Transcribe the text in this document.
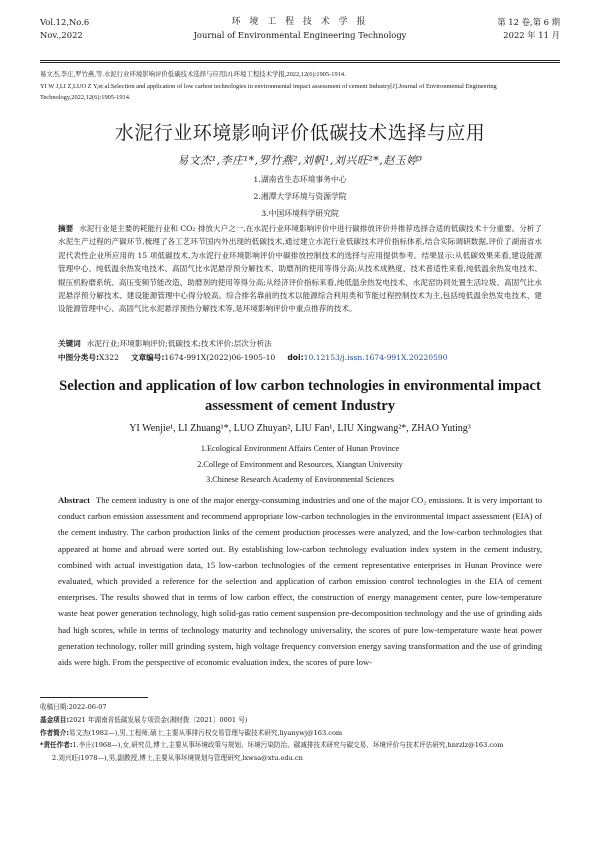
Vol.12,No.6
Nov.,2022
环 境 工 程 技 术 学 报
Journal of Environmental Engineering Technology
第 12 卷,第 6 期
2022 年 11 月
易文杰,李庄,罗竹燕,等.水泥行业环境影响评价低碳技术选择与应用[J].环境工程技术学报,2022,12(6):1905-1914.
YI W J,LI Z,LUO Z Y,et al.Selection and application of low carbon technologies in environmental impact assessment of cement Industry[J].Journal of Environmental Engineering Technology,2022,12(6):1905-1914.
水泥行业环境影响评价低碳技术选择与应用
易文杰¹,李庄¹*,罗竹燕²,刘帆¹,刘兴旺²*,赵玉婷³
1.湖南省生态环境事务中心
2.湘潭大学环境与资源学院
3.中国环境科学研究院
摘要 水泥行业是主要的耗能行业和 CO₂ 排放大户之一,在水泥行业环境影响评价中进行碳排放评价并推荐选择合适的低碳技术十分重要。分析了水泥生产过程的产碳环节,梳理了各工艺环节国内外出现的低碳技术,通过建立水泥行业低碳技术评价指标体系,结合实际调研数据,评价了湖南省水泥代表性企业所应用的 15 项低碳技术,为水泥行业环境影响评价中碳排放控制技术的选择与应用提供参考。结果显示:从低碳效果来看,建设能源管理中心、纯低温余热发电技术、高固气比水泥悬浮预分解技术、助磨剂的使用等得分高;从技术成熟度、技术普适性来看,纯低温余热发电技术、辊压机粉磨系统、高压变频节能改造、助磨剂的使用等得分高;从经济评价指标来看,纯低温余热发电技术、水泥窑协同处置生活垃圾、高固气比水泥悬浮预分解技术、建设能源管理中心得分较高。综合排名靠前的技术以能源综合利用类和节能过程控制技术为主,包括纯低温余热发电技术、建设能源管理中心、高固气比水泥悬浮预热分解技术等,是环境影响评价中重点推荐的技术。
关键词 水泥行业;环境影响评价;低碳技术;技术评价;层次分析法
中图分类号:X322 文章编号:1674-991X(2022)06-1905-10 doi:10.12153/j.issn.1674-991X.20220590
Selection and application of low carbon technologies in environmental impact assessment of cement Industry
YI Wenjie¹, LI Zhuang¹*, LUO Zhuyan², LIU Fan¹, LIU Xingwang²*, ZHAO Yuting³
1.Ecological Environment Affairs Center of Hunan Province
2.College of Environment and Resources, Xiangtan University
3.Chinese Research Academy of Environmental Sciences
Abstract The cement industry is one of the major energy-consuming industries and one of the major CO₂ emissions. It is very important to conduct carbon emission assessment and recommend appropriate low-carbon technologies in the environmental impact assessment (EIA) of the cement industry. The carbon production links of the cement production processes were analyzed, and the low-carbon technologies that appeared at home and abroad were sorted out. By establishing low-carbon technology evaluation index system in the cement industry, combined with actual investigation data, 15 low-carbon technologies of the cement representative enterprises in Hunan Province were evaluated, which provided a reference for the selection and application of carbon emission control technologies in the EIA of cement enterprises. The results showed that in terms of low carbon effect, the construction of energy management center, pure low-temperature waste heat power generation technology, high solid-gas ratio cement suspension pre-decomposition technology and the use of grinding aids had high scores, while in terms of technology maturity and technology universality, the scores of pure low-temperature waste heat power generation technology, roller mill grinding system, high voltage frequency conversion energy saving transformation and the use of grinding aids were high. From the perspective of economic evaluation index, the scores of pure low-
收稿日期:2022-06-07
基金项目:2021 年湖南省低碳发展专项资金(湘财拨〔2021〕0001 号)
作者简介:易文杰(1982—),男,工程师,硕士,主要从事排污权交易管理与碳技术研究,liyanywj@163.com
*责任作者:1.李庄(1968—),女,研究员,博士,主要从事环境政策与规划、环境污染防治、碳减排技术研究与碳交易、环境评价与技术评估研究,hnrzlz@163.com
2.刘兴旺(1978—),男,副教授,博士,主要从事环境规划与管理研究,lxwsa@xtu.edu.cn
